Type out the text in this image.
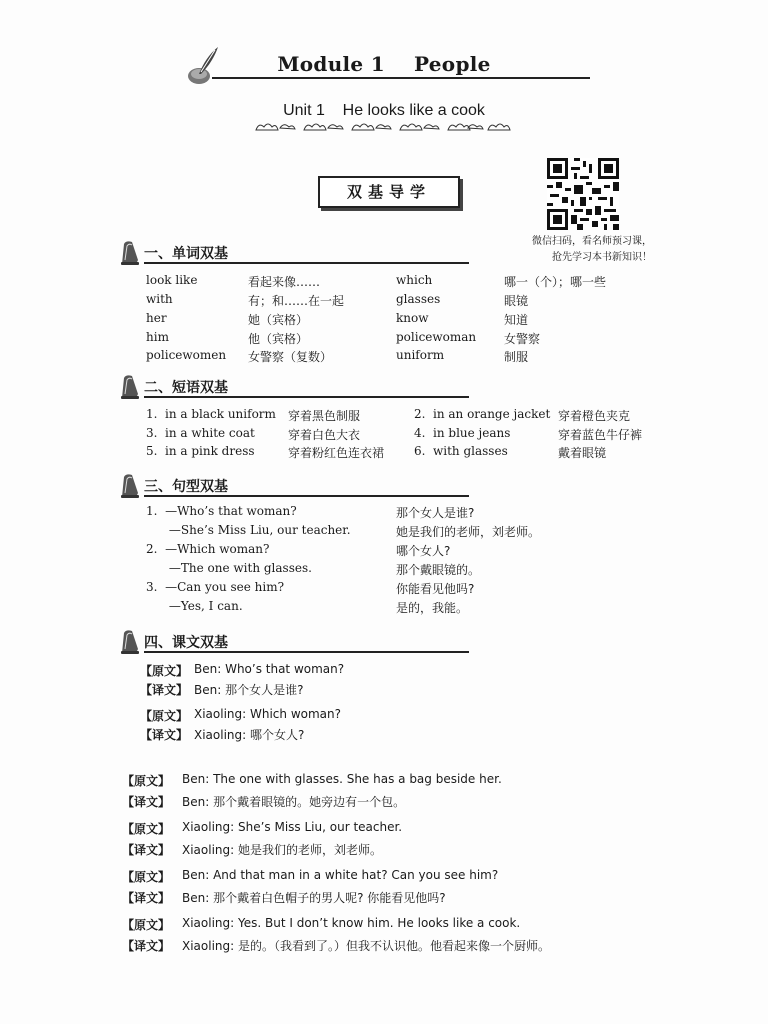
Module 1    People
Unit 1    He looks like a cook
双基导学
微信扫码，看名师预习课，
抢先学习本书新知识！
一、单词双基
look like	看起来像……
with	有；和……在一起
her	她（宾格）
him	他（宾格）
policewomen 女警察（复数）
which	哪一（个）；哪一些
glasses	眼镜
know	知道
policewoman 女警察
uniform	制服
二、短语双基
1. in a black uniform 穿着黑色制服
3. in a white coat	穿着白色大衣
5. in a pink dress	穿着粉红色连衣裙
2. in an orange jacket 穿着橙色夹克
4. in blue jeans	穿着蓝色牛仔裤
6. with glasses	戴着眼镜
三、句型双基
1.  —Who’s that woman?	那个女人是谁?
—She’s Miss Liu, our teacher.	她是我们的老师，刘老师。
2.  —Which woman?	哪个女人?
—The one with glasses.	那个戴眼镜的。
3.  —Can you see him?	你能看见他吗?
—Yes, I can.	是的，我能。
四、课文双基
【原文】 Ben: Who’s that woman?
【译文】 Ben: 那个女人是谁?
【原文】 Xiaoling: Which woman?
【译文】 Xiaoling: 哪个女人?
【原文】 Ben: The one with glasses. She has a bag beside her.
【译文】 Ben: 那个戴着眼镜的。她旁边有一个包。
【原文】 Xiaoling: She’s Miss Liu, our teacher.
【译文】 Xiaoling: 她是我们的老师，刘老师。
【原文】 Ben: And that man in a white hat? Can you see him?
【译文】 Ben: 那个戴着白色帽子的男人呢? 你能看见他吗?
【原文】 Xiaoling: Yes. But I don’t know him. He looks like a cook.
【译文】 Xiaoling: 是的。（我看到了。）但我不认识他。他看起来像一个厨师。
